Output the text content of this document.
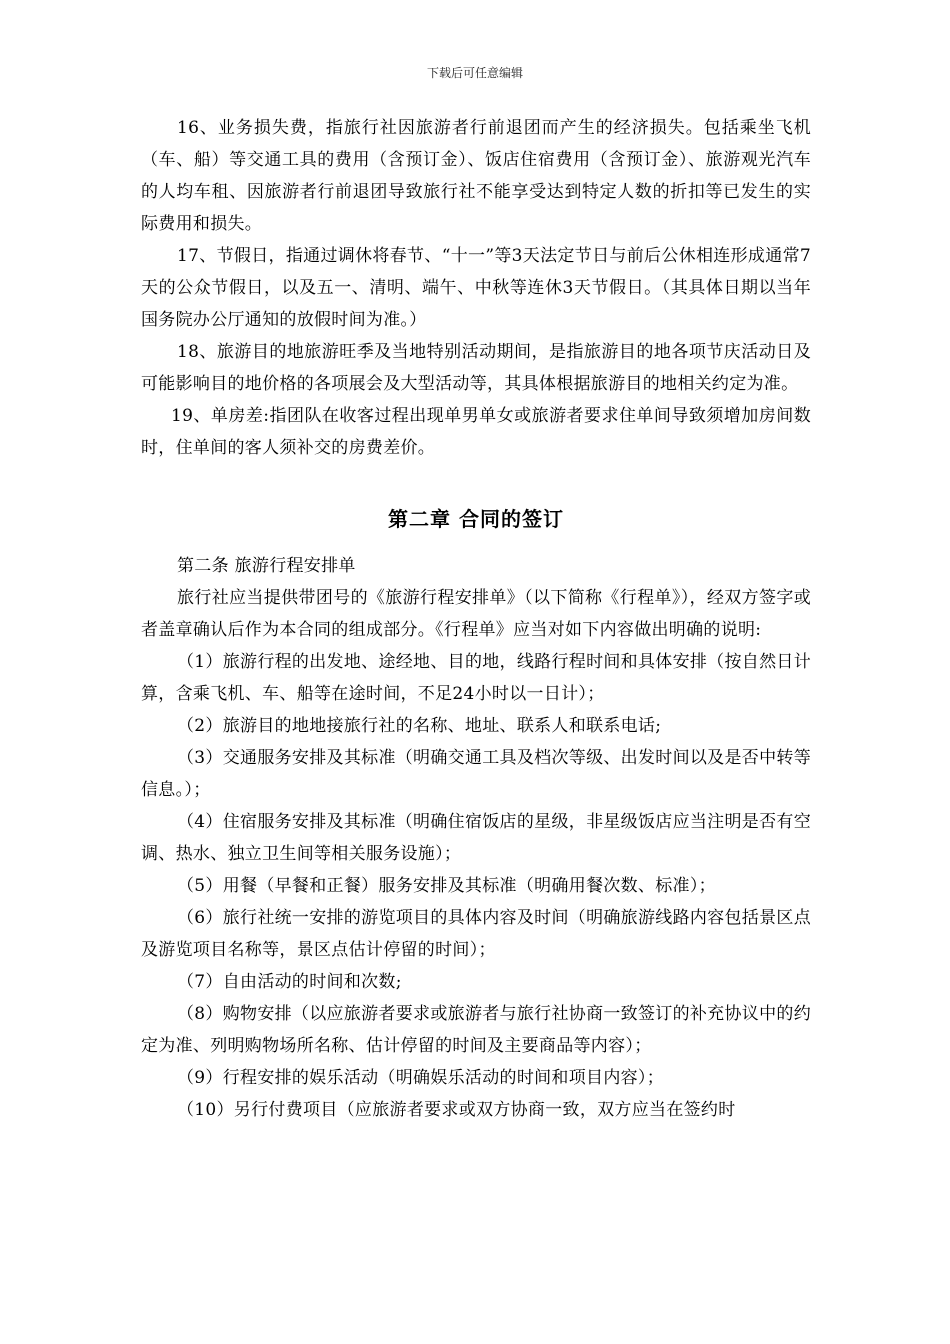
下载后可任意编辑

16、业务损失费，指旅行社因旅游者行前退团而产生的经济损失。包括乘坐飞机（车、船）等交通工具的费用（含预订金）、饭店住宿费用（含预订金）、旅游观光汽车的人均车租、因旅游者行前退团导致旅行社不能享受达到特定人数的折扣等已发生的实际费用和损失。

17、节假日，指通过调休将春节、“十一”等3天法定节日与前后公休相连形成通常7天的公众节假日，以及五一、清明、端午、中秋等连休3天节假日。（其具体日期以当年国务院办公厅通知的放假时间为准。）

18、旅游目的地旅游旺季及当地特别活动期间，是指旅游目的地各项节庆活动日及可能影响目的地价格的各项展会及大型活动等，其具体根据旅游目的地相关约定为准。

19、单房差:指团队在收客过程出现单男单女或旅游者要求住单间导致须增加房间数时，住单间的客人须补交的房费差价。

第二章 合同的签订

第二条 旅游行程安排单

旅行社应当提供带团号的《旅游行程安排单》（以下简称《行程单》），经双方签字或者盖章确认后作为本合同的组成部分。《行程单》应当对如下内容做出明确的说明:

（1）旅游行程的出发地、途经地、目的地，线路行程时间和具体安排（按自然日计算，含乘飞机、车、船等在途时间，不足24小时以一日计）；

（2）旅游目的地地接旅行社的名称、地址、联系人和联系电话;

（3）交通服务安排及其标准（明确交通工具及档次等级、出发时间以及是否中转等信息。）；

（4）住宿服务安排及其标准（明确住宿饭店的星级，非星级饭店应当注明是否有空调、热水、独立卫生间等相关服务设施）；

（5）用餐（早餐和正餐）服务安排及其标准（明确用餐次数、标准）；

（6）旅行社统一安排的游览项目的具体内容及时间（明确旅游线路内容包括景区点及游览项目名称等，景区点估计停留的时间）；

（7）自由活动的时间和次数;

（8）购物安排（以应旅游者要求或旅游者与旅行社协商一致签订的补充协议中的约定为准、列明购物场所名称、估计停留的时间及主要商品等内容）；

（9）行程安排的娱乐活动（明确娱乐活动的时间和项目内容）；

（10）另行付费项目（应旅游者要求或双方协商一致，双方应当在签约时
